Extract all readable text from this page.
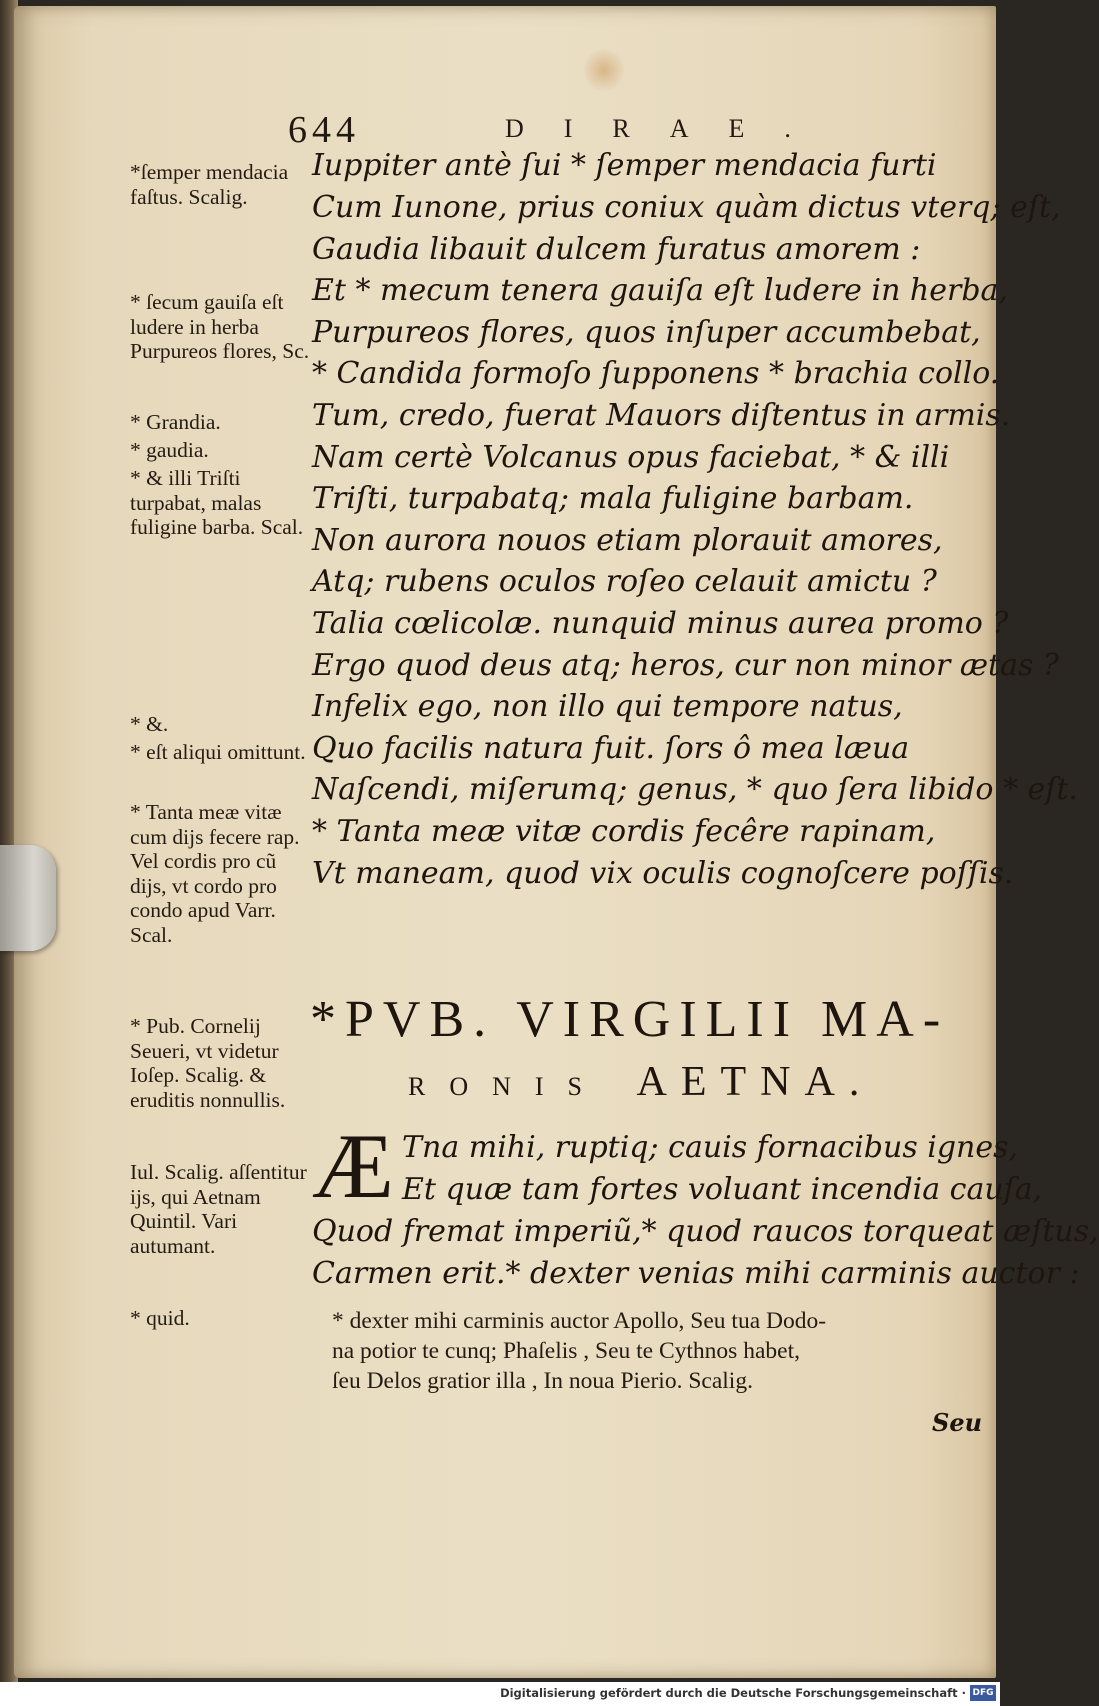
644	DIRAE.
Iuppiter antè ſui * ſemper mendacia furti
Cum Iunone, prius coniux quàm dictus vterq; eſt,
Gaudia libauit dulcem furatus amorem :
Et * mecum tenera gauiſa eſt ludere in herba,
Purpureos flores, quos inſuper accumbebat,
* Candida formoſo ſupponens * brachia collo.
Tum, credo, fuerat Mauors diſtentus in armis.
Nam certè Volcanus opus faciebat, * & illi
Triſti, turpabatq; mala fuligine barbam.
Non aurora nouos etiam plorauit amores,
Atq; rubens oculos roſeo celauit amictu ?
Talia cœlicolæ. nunquid minus aurea promo ?
Ergo quod deus atq; heros, cur non minor ætas ?
Infelix ego, non illo qui tempore natus,
Quo facilis natura fuit. ſors ô mea læua
Naſcendi, miſerumq; genus, * quo ſera libido * eſt.
* Tanta meæ vitæ cordis fecêre rapinam,
Vt maneam, quod vix oculis cognoſcere poſſis.
*ſemper mendacia faſtus. Scalig.
* ſecum gauiſa eſt ludere in herba Purpureos flores, Sc.
* Grandia.
* gaudia.
* & illi Triſti turpabat, malas fuligine barba. Scal.
* &.
* eſt aliqui omittunt.
* Tanta meæ vitæ cum dijs fecere rap. Vel cordis pro cũ dijs, vt cordo pro condo apud Varr. Scal.
* Pub. Cornelij Seueri, vt videtur Ioſep. Scalig. & eruditis nonnullis.
Iul. Scalig. aſſentitur ijs, qui Aetnam Quintil. Vari autumant.
* quid.
*PVB. VIRGILII MA-
RONIS AETNA.
Æ Tna mihi, ruptiq; cauis fornacibus ignes,
Et quæ tam fortes voluant incendia cauſa,
Quod fremat imperiũ,* quod raucos torqueat æſtus,
Carmen erit.* dexter venias mihi carminis auctor :
* dexter mihi carminis auctor Apollo, Seu tua Dodo-
na potior te cunq; Phaſelis , Seu te Cythnos habet,
ſeu Delos gratior illa , In noua Pierio. Scalig.
Seu
Digitalisierung gefördert durch die Deutsche Forschungsgemeinschaft · DFG
